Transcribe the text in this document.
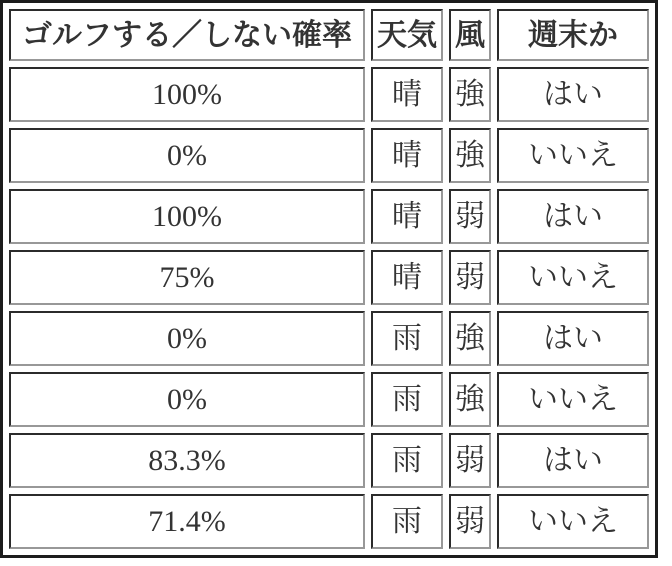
ゴルフする／しない確率	天気	風	週末か
100%	晴	強	はい
0%	晴	強	いいえ
100%	晴	弱	はい
75%	晴	弱	いいえ
0%	雨	強	はい
0%	雨	強	いいえ
83.3%	雨	弱	はい
71.4%	雨	弱	いいえ
